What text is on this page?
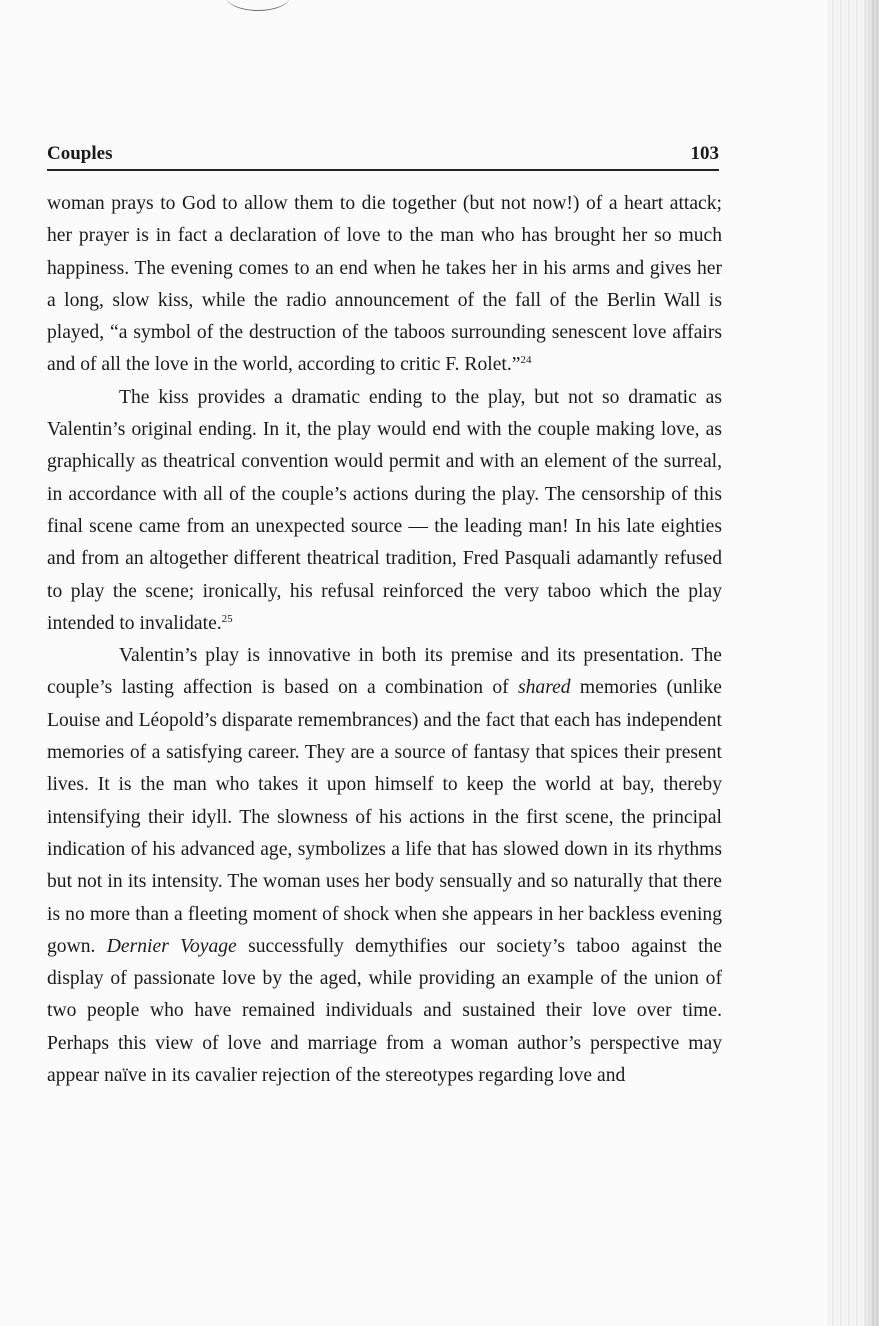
Couples	103

woman prays to God to allow them to die together (but not now!) of a heart attack; her prayer is in fact a declaration of love to the man who has brought her so much happiness. The evening comes to an end when he takes her in his arms and gives her a long, slow kiss, while the radio announcement of the fall of the Berlin Wall is played, “a symbol of the destruction of the taboos surrounding senescent love affairs and of all the love in the world, according to critic F. Rolet.”$^{24}$

The kiss provides a dramatic ending to the play, but not so dramatic as Valentin’s original ending. In it, the play would end with the couple making love, as graphically as theatrical convention would permit and with an element of the surreal, in accordance with all of the couple’s actions during the play. The censorship of this final scene came from an unexpected source — the leading man! In his late eighties and from an altogether different theatrical tradition, Fred Pasquali adamantly refused to play the scene; ironically, his refusal reinforced the very taboo which the play intended to invalidate.$^{25}$

Valentin’s play is innovative in both its premise and its presentation. The couple’s lasting affection is based on a combination of shared memories (unlike Louise and Léopold’s disparate remembrances) and the fact that each has independent memories of a satisfying career. They are a source of fantasy that spices their present lives. It is the man who takes it upon himself to keep the world at bay, thereby intensifying their idyll. The slowness of his actions in the first scene, the principal indication of his advanced age, symbolizes a life that has slowed down in its rhythms but not in its intensity. The woman uses her body sensually and so naturally that there is no more than a fleeting moment of shock when she appears in her backless evening gown. Dernier Voyage successfully demythifies our society’s taboo against the display of passionate love by the aged, while providing an example of the union of two people who have remained individuals and sustained their love over time. Perhaps this view of love and marriage from a woman author’s perspective may appear naïve in its cavalier rejection of the stereotypes regarding love and
